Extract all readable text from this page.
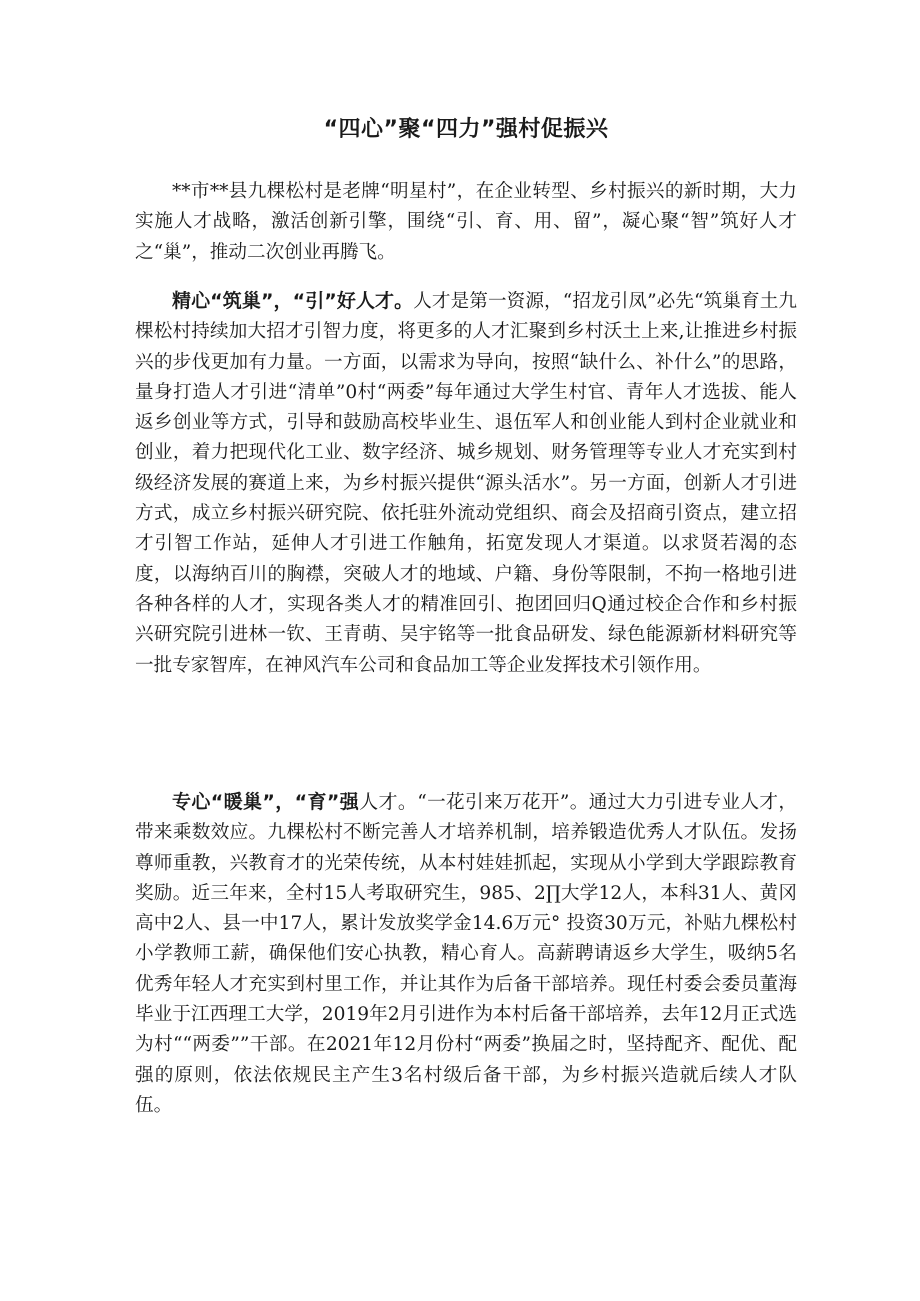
“四心”聚“四力”强村促振兴

**市**县九棵松村是老牌“明星村”，在企业转型、乡村振兴的新时期，大力实施人才战略，激活创新引擎，围绕“引、育、用、留”，凝心聚“智”筑好人才之“巢”，推动二次创业再腾飞。

精心“筑巢”，“引”好人才。人才是第一资源，“招龙引凤”必先“筑巢育土九棵松村持续加大招才引智力度，将更多的人才汇聚到乡村沃土上来,让推进乡村振兴的步伐更加有力量。一方面，以需求为导向，按照“缺什么、补什么”的思路，量身打造人才引进“清单”0村“两委”每年通过大学生村官、青年人才选拔、能人返乡创业等方式，引导和鼓励高校毕业生、退伍军人和创业能人到村企业就业和创业，着力把现代化工业、数字经济、城乡规划、财务管理等专业人才充实到村级经济发展的赛道上来，为乡村振兴提供“源头活水”。另一方面，创新人才引进方式，成立乡村振兴研究院、依托驻外流动党组织、商会及招商引资点，建立招才引智工作站，延伸人才引进工作触角，拓宽发现人才渠道。以求贤若渴的态度，以海纳百川的胸襟，突破人才的地域、户籍、身份等限制，不拘一格地引进各种各样的人才，实现各类人才的精准回引、抱团回归Q通过校企合作和乡村振兴研究院引进林一钦、王青萌、吴宇铭等一批食品研发、绿色能源新材料研究等一批专家智库，在神风汽车公司和食品加工等企业发挥技术引领作用。

专心“暖巢”，“育”强人才。“一花引来万花开”。通过大力引进专业人才，带来乘数效应。九棵松村不断完善人才培养机制，培养锻造优秀人才队伍。发扬尊师重教，兴教育才的光荣传统，从本村娃娃抓起，实现从小学到大学跟踪教育奖励。近三年来，全村15人考取研究生，985、2∏大学12人，本科31人、黄冈高中2人、县一中17人，累计发放奖学金14.6万元° 投资30万元，补贴九棵松村小学教师工薪，确保他们安心执教，精心育人。高薪聘请返乡大学生，吸纳5名优秀年轻人才充实到村里工作，并让其作为后备干部培养。现任村委会委员董海毕业于江西理工大学，2019年2月引进作为本村后备干部培养，去年12月正式选为村““两委””干部。在2021年12月份村“两委”换届之时，坚持配齐、配优、配强的原则，依法依规民主产生3名村级后备干部，为乡村振兴造就后续人才队伍。
